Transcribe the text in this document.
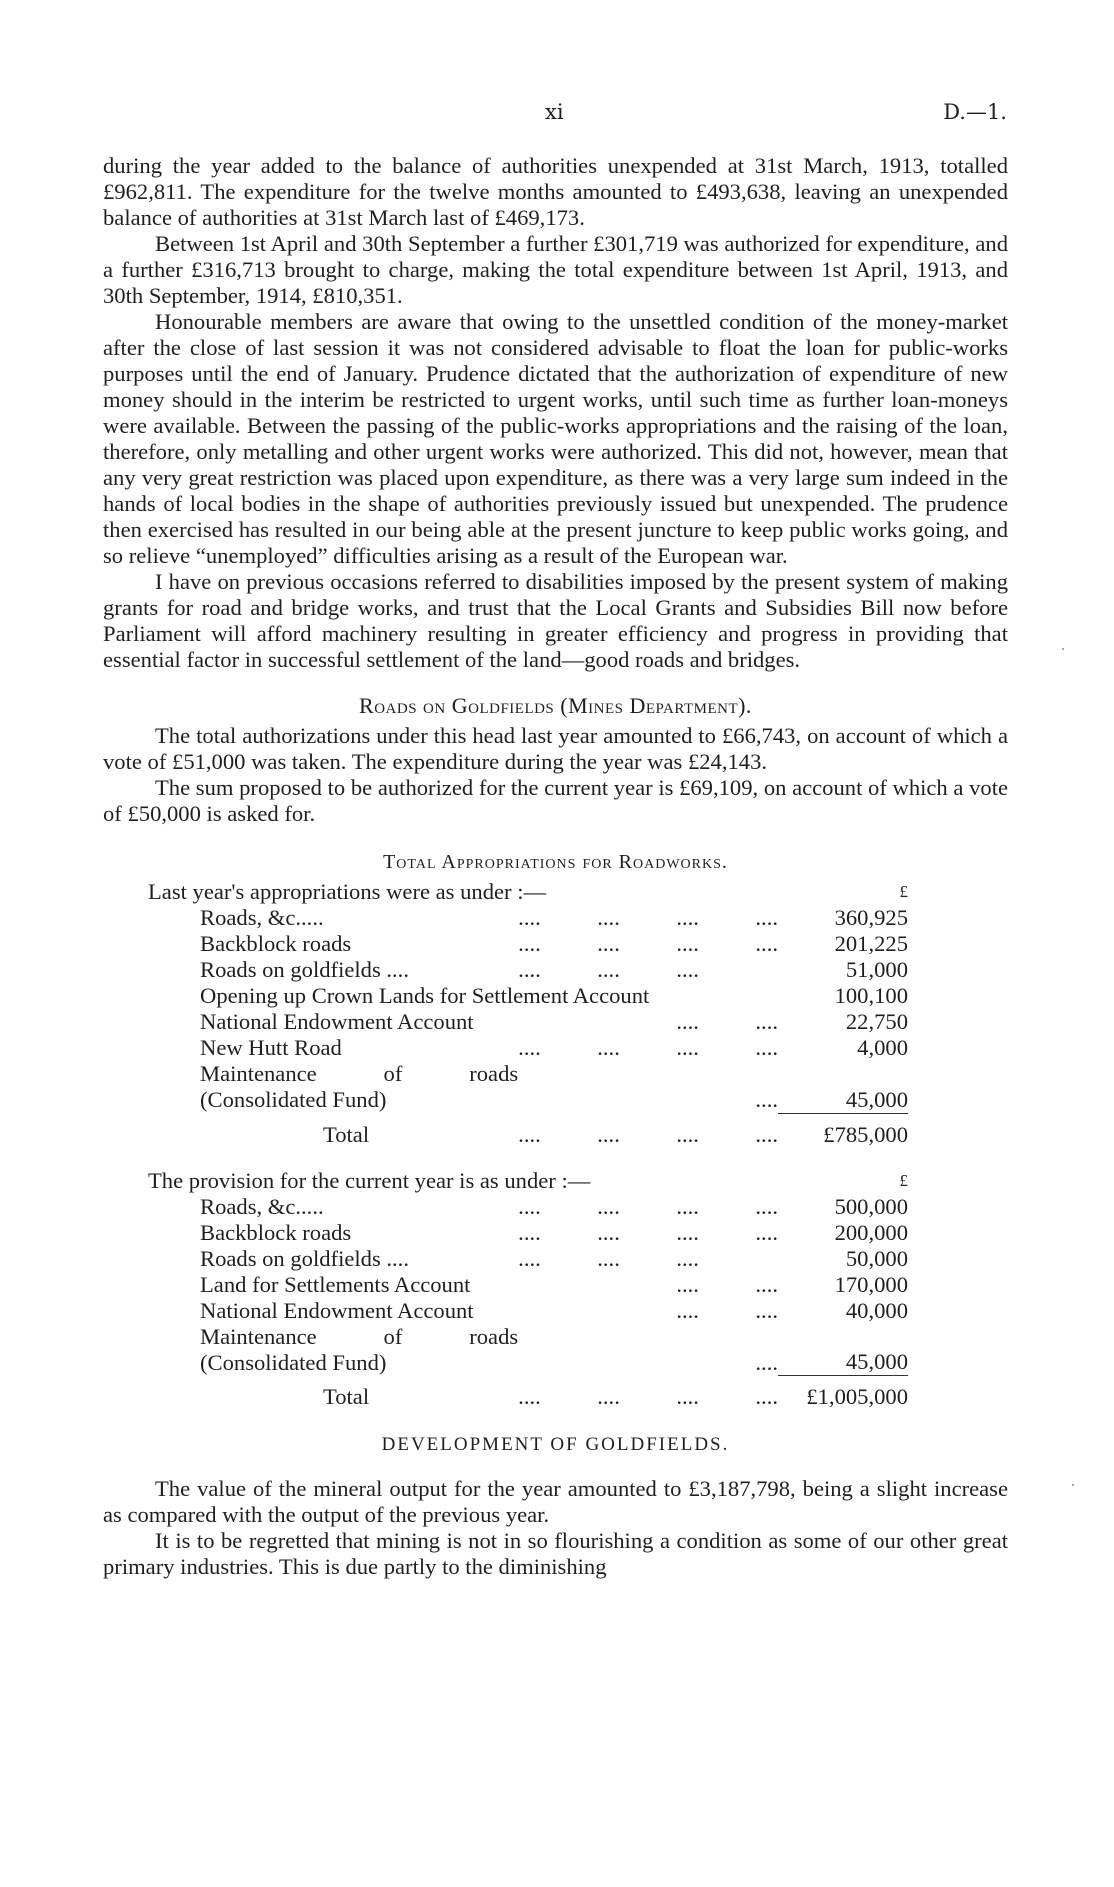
xi	D.—1.

during the year added to the balance of authorities unexpended at 31st March, 1913, totalled £962,811. The expenditure for the twelve months amounted to £493,638, leaving an unexpended balance of authorities at 31st March last of £469,173.

Between 1st April and 30th September a further £301,719 was authorized for expenditure, and a further £316,713 brought to charge, making the total expenditure between 1st April, 1913, and 30th September, 1914, £810,351.

Honourable members are aware that owing to the unsettled condition of the money-market after the close of last session it was not considered advisable to float the loan for public-works purposes until the end of January. Prudence dictated that the authorization of expenditure of new money should in the interim be restricted to urgent works, until such time as further loan-moneys were available. Between the passing of the public-works appropriations and the raising of the loan, therefore, only metalling and other urgent works were authorized. This did not, however, mean that any very great restriction was placed upon expenditure, as there was a very large sum indeed in the hands of local bodies in the shape of authorities previously issued but unexpended. The prudence then exercised has resulted in our being able at the present juncture to keep public works going, and so relieve “unemployed” difficulties arising as a result of the European war.

I have on previous occasions referred to disabilities imposed by the present system of making grants for road and bridge works, and trust that the Local Grants and Subsidies Bill now before Parliament will afford machinery resulting in greater efficiency and progress in providing that essential factor in successful settlement of the land—good roads and bridges.

Roads on Goldfields (Mines Department).

The total authorizations under this head last year amounted to £66,743, on account of which a vote of £51,000 was taken. The expenditure during the year was £24,143.

The sum proposed to be authorized for the current year is £69,109, on account of which a vote of £50,000 is asked for.

Total Appropriations for Roadworks.
Last year's appropriations were as under :—		£
Roads, &c.....	....          ....          ....          ....	360,925
Backblock roads	....          ....          ....          ....	201,225
Roads on goldfields ....	....          ....          ....	51,000
Opening up Crown Lands for Settlement Account		100,100
National Endowment Account	....          ....	22,750
New Hutt Road	....          ....          ....          ....	4,000
Maintenance of roads (Consolidated Fund)	....	45,000
Total	....          ....          ....          ....	£785,000

The provision for the current year is as under :—		£
Roads, &c.....	....          ....          ....          ....	500,000
Backblock roads	....          ....          ....          ....	200,000
Roads on goldfields ....	....          ....          ....	50,000
Land for Settlements Account	....          ....	170,000
National Endowment Account	....          ....	40,000
Maintenance of roads (Consolidated Fund)	....	45,000
Total	....          ....          ....          ....	£1,005,000
DEVELOPMENT OF GOLDFIELDS.

The value of the mineral output for the year amounted to £3,187,798, being a slight increase as compared with the output of the previous year.

It is to be regretted that mining is not in so flourishing a condition as some of our other great primary industries. This is due partly to the diminishing
